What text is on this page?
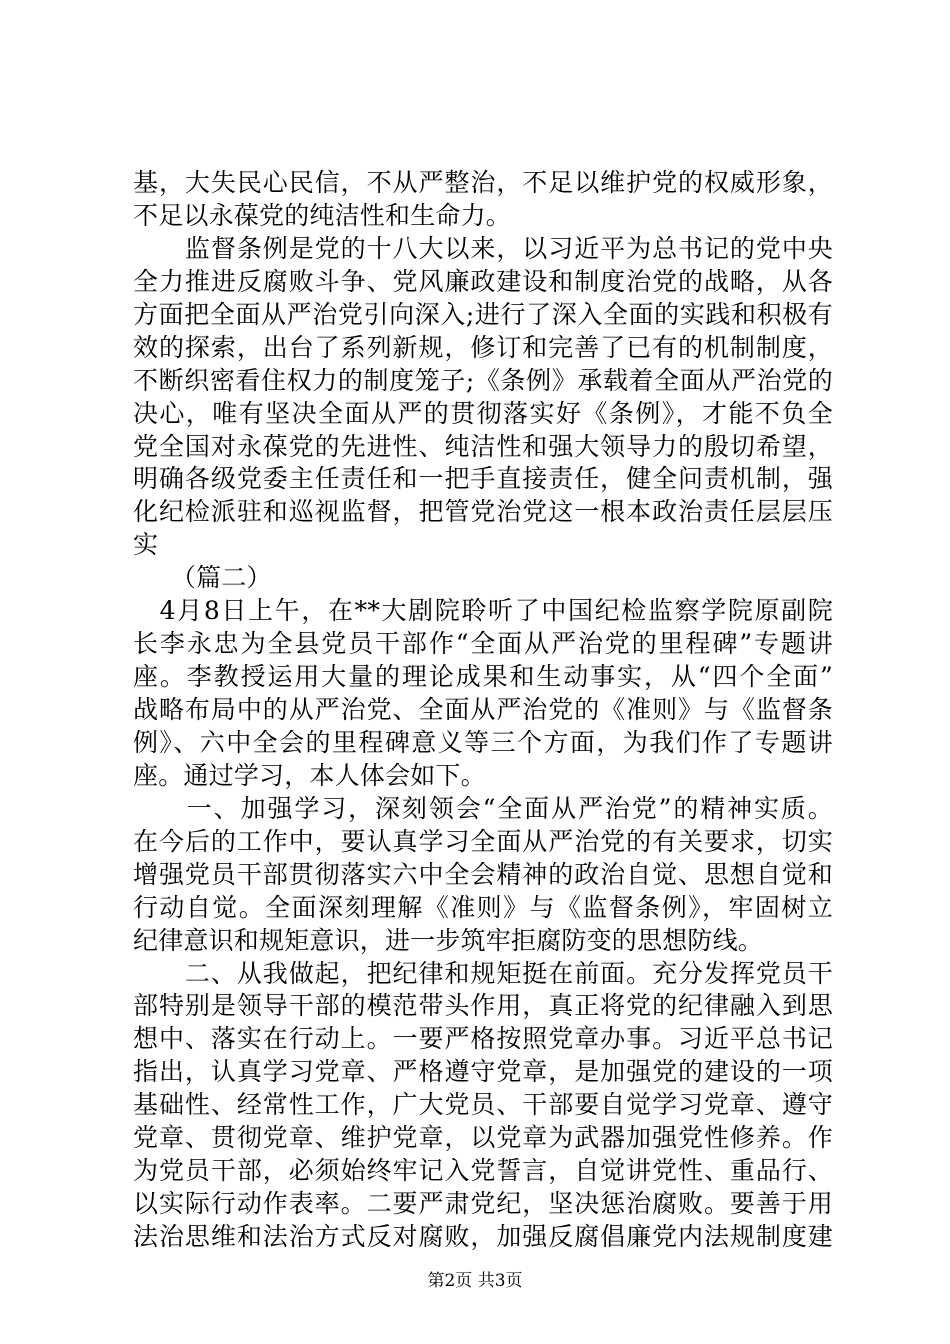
基，大失民心民信，不从严整治，不足以维护党的权威形象，
不足以永葆党的纯洁性和生命力。
　　监督条例是党的十八大以来，以习近平为总书记的党中央
全力推进反腐败斗争、党风廉政建设和制度治党的战略，从各
方面把全面从严治党引向深入;进行了深入全面的实践和积极有
效的探索，出台了系列新规，修订和完善了已有的机制制度，
不断织密看住权力的制度笼子;《条例》承载着全面从严治党的
决心，唯有坚决全面从严的贯彻落实好《条例》，才能不负全
党全国对永葆党的先进性、纯洁性和强大领导力的殷切希望，
明确各级党委主任责任和一把手直接责任，健全问责机制，强
化纪检派驻和巡视监督，把管党治党这一根本政治责任层层压
实
　　（篇二）
　4月8日上午，在**大剧院聆听了中国纪检监察学院原副院
长李永忠为全县党员干部作“全面从严治党的里程碑”专题讲
座。李教授运用大量的理论成果和生动事实，从“四个全面”
战略布局中的从严治党、全面从严治党的《准则》与《监督条
例》、六中全会的里程碑意义等三个方面，为我们作了专题讲
座。通过学习，本人体会如下。
　　一、加强学习，深刻领会“全面从严治党”的精神实质。
在今后的工作中，要认真学习全面从严治党的有关要求，切实
增强党员干部贯彻落实六中全会精神的政治自觉、思想自觉和
行动自觉。全面深刻理解《准则》与《监督条例》，牢固树立
纪律意识和规矩意识，进一步筑牢拒腐防变的思想防线。
　　二、从我做起，把纪律和规矩挺在前面。充分发挥党员干
部特别是领导干部的模范带头作用，真正将党的纪律融入到思
想中、落实在行动上。一要严格按照党章办事。习近平总书记
指出，认真学习党章、严格遵守党章，是加强党的建设的一项
基础性、经常性工作，广大党员、干部要自觉学习党章、遵守
党章、贯彻党章、维护党章，以党章为武器加强党性修养。作
为党员干部，必须始终牢记入党誓言，自觉讲党性、重品行、
以实际行动作表率。二要严肃党纪，坚决惩治腐败。要善于用
法治思维和法治方式反对腐败，加强反腐倡廉党内法规制度建
第2页 共3页
